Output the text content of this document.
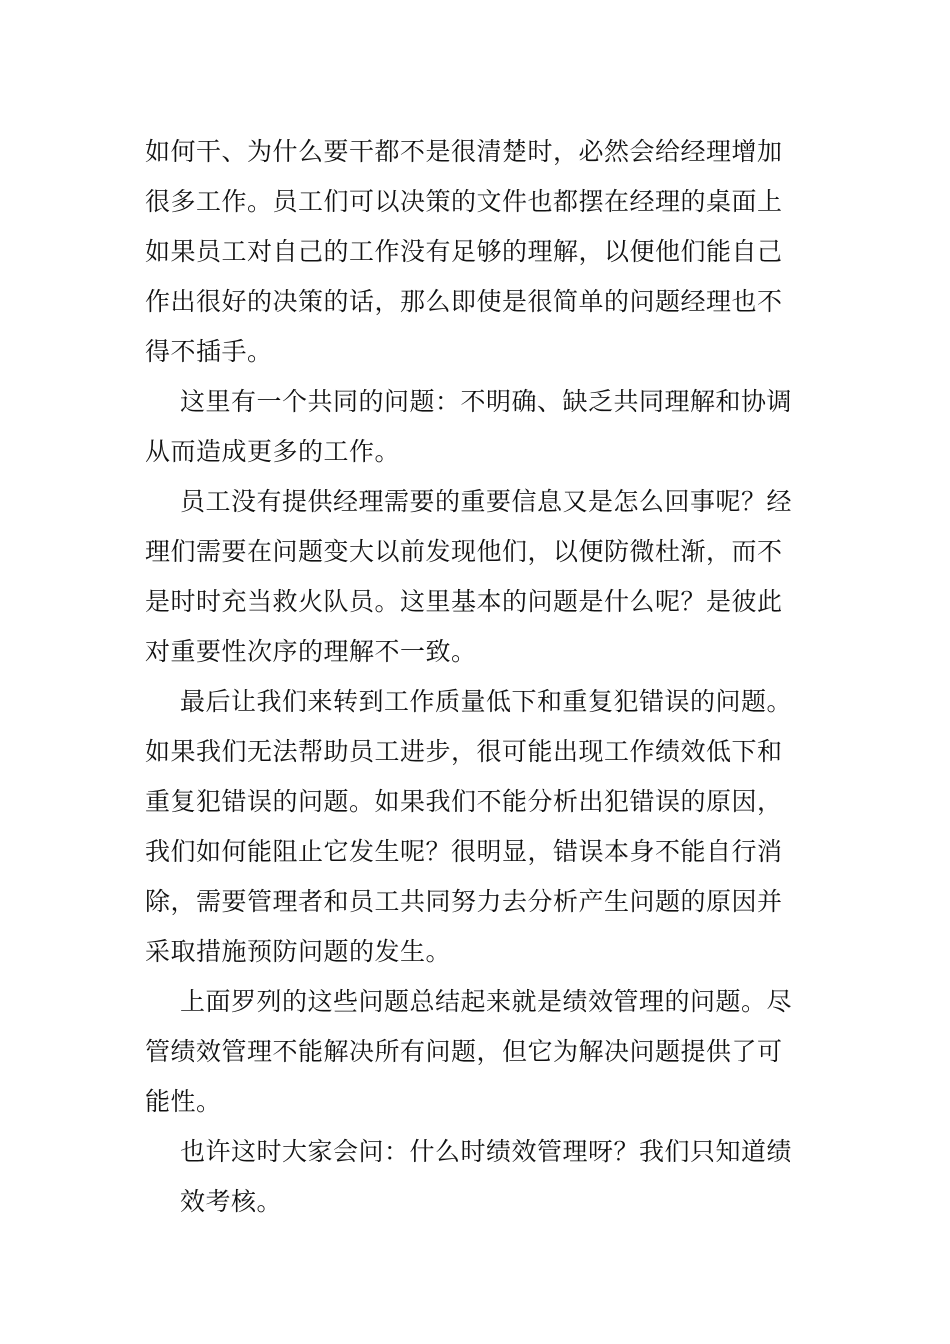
如何干、为什么要干都不是很清楚时，必然会给经理增加
很多工作。员工们可以决策的文件也都摆在经理的桌面上
如果员工对自己的工作没有足够的理解，以便他们能自己
作出很好的决策的话，那么即使是很简单的问题经理也不
得不插手。
这里有一个共同的问题：不明确、缺乏共同理解和协调
从而造成更多的工作。
员工没有提供经理需要的重要信息又是怎么回事呢？经
理们需要在问题变大以前发现他们，以便防微杜渐，而不
是时时充当救火队员。这里基本的问题是什么呢？是彼此
对重要性次序的理解不一致。
最后让我们来转到工作质量低下和重复犯错误的问题。
如果我们无法帮助员工进步，很可能出现工作绩效低下和
重复犯错误的问题。如果我们不能分析出犯错误的原因，
我们如何能阻止它发生呢？很明显，错误本身不能自行消
除，需要管理者和员工共同努力去分析产生问题的原因并
采取措施预防问题的发生。
上面罗列的这些问题总结起来就是绩效管理的问题。尽
管绩效管理不能解决所有问题，但它为解决问题提供了可
能性。
也许这时大家会问：什么时绩效管理呀？我们只知道绩
效考核。
